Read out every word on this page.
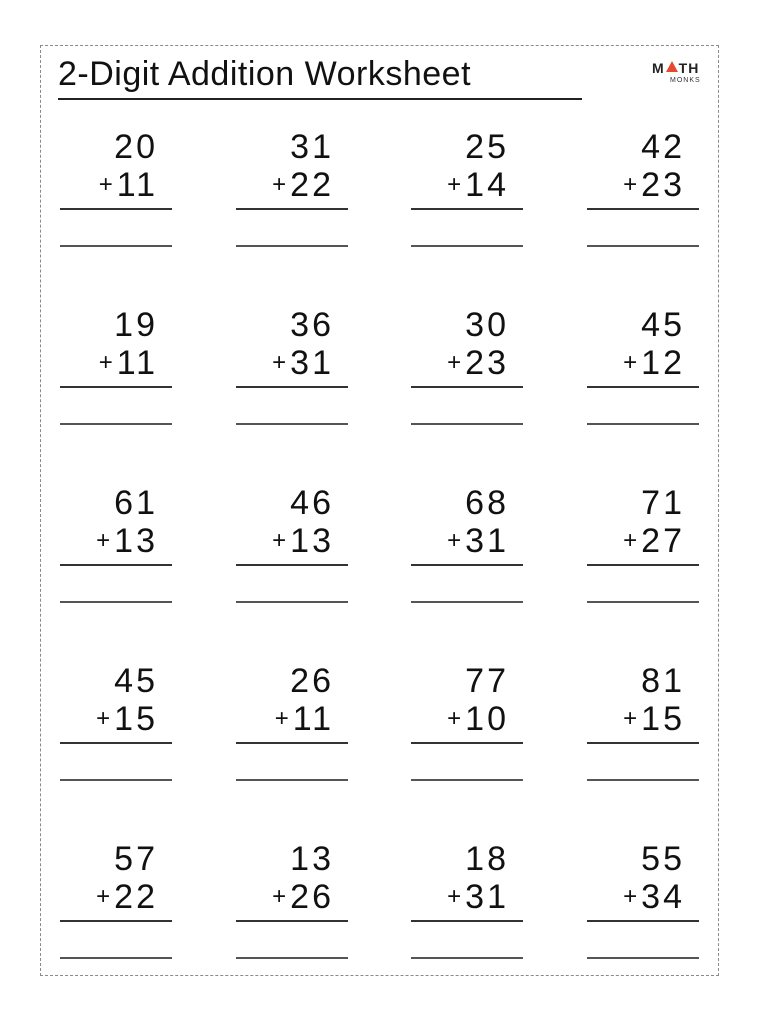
2-Digit Addition Worksheet	M TH
MONKS
20
+ 11
31
+ 22
25
+ 14
42
+ 23
19
+ 11
36
+ 31
30
+ 23
45
+ 12
61
+ 13
46
+ 13
68
+ 31
71
+ 27
45
+ 15
26
+ 11
77
+ 10
81
+ 15
57
+ 22
13
+ 26
18
+ 31
55
+ 34
